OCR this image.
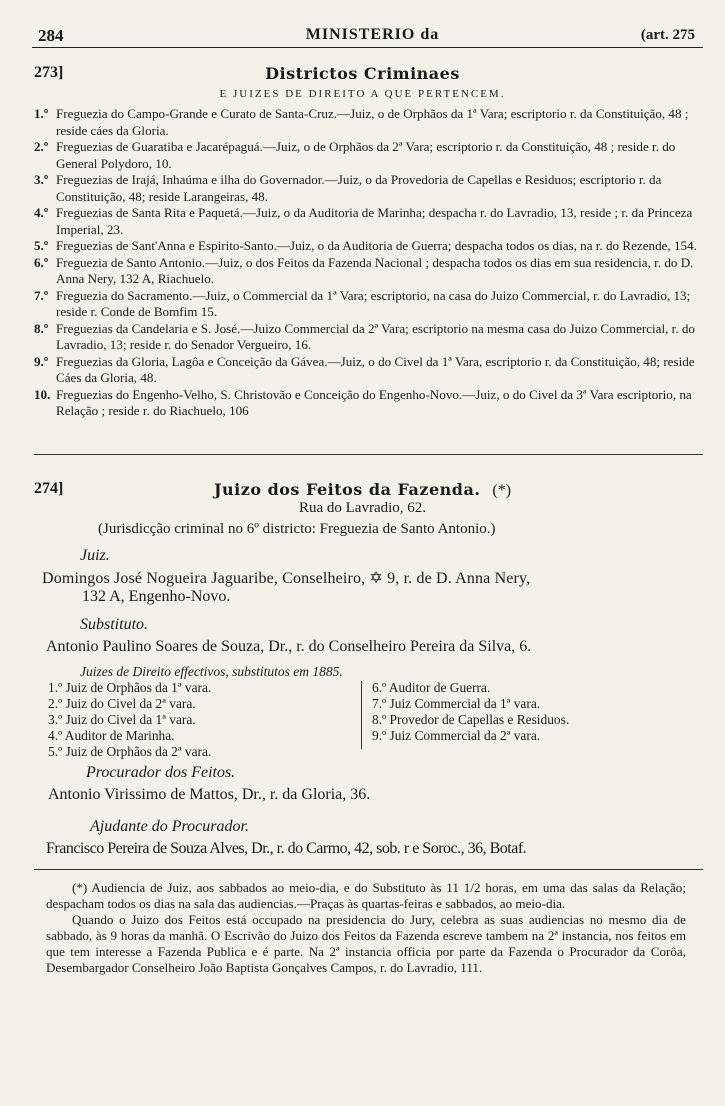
284	MINISTERIO da	(art. 275
273]	Districtos Criminaes
E JUIZES DE DIREITO A QUE PERTENCEM.
1.º Freguezia do Campo-Grande e Curato de Santa-Cruz.—Juiz, o de Orphãos da 1ª Vara; escriptorio r. da Constituição, 48 ; reside cáes da Gloria.
2.º Freguezias de Guaratiba e Jacarépaguá.—Juiz, o de Orphãos da 2ª Vara; escriptorio r. da Constituição, 48 ; reside r. do General Polydoro, 10.
3.º Freguezias de Irajá, Inhaúma e ilha do Governador.—Juiz, o da Provedoria de Capellas e Residuos; escriptorio r. da Constituição, 48; reside Larangeiras, 48.
4.º Freguezias de Santa Rita e Paquetá.—Juiz, o da Auditoria de Marinha; despacha r. do Lavradio, 13, reside ; r. da Princeza Imperial, 23.
5.º Freguezias de Sant'Anna e Espirito-Santo.—Juiz, o da Auditoria de Guerra; despacha todos os dias, na r. do Rezende, 154.
6.º Freguezia de Santo Antonio.—Juiz, o dos Feitos da Fazenda Nacional ; despacha todos os dias em sua residencia, r. do D. Anna Nery, 132 A, Riachuelo.
7.º Freguezia do Sacramento.—Juiz, o Commercial da 1ª Vara; escriptorio, na casa do Juizo Commercial, r. do Lavradio, 13; reside r. Conde de Bomfim 15.
8.º Freguezias da Candelaria e S. José.—Juizo Commercial da 2ª Vara; escriptorio na mesma casa do Juizo Commercial, r. do Lavradio, 13; reside r. do Senador Vergueiro, 16.
9.º Freguezias da Gloria, Lagôa e Conceição da Gávea.—Juiz, o do Civel da 1ª Vara, escriptorio r. da Constituição, 48; reside Cáes da Gloria, 48.
10. Freguezias do Engenho-Velho, S. Christovão e Conceição do Engenho-Novo.—Juiz, o do Civel da 3ª Vara escriptorio, na Relação ; reside r. do Riachuelo, 106
274]	Juizo dos Feitos da Fazenda. (*)
Rua do Lavradio, 62.
(Jurisdicção criminal no 6º districto: Freguezia de Santo Antonio.)
Juiz.
Domingos José Nogueira Jaguaribe, Conselheiro, ✡ 9, r. de D. Anna Nery,
132 A, Engenho-Novo.
Substituto.
Antonio Paulino Soares de Souza, Dr., r. do Conselheiro Pereira da Silva, 6.
Juizes de Direito effectivos, substitutos em 1885.
1.º Juiz de Orphãos da 1ª vara.
2.º Juiz do Civel da 2ª vara.
3.º Juiz do Civel da 1ª vara.
4.º Auditor de Marinha.
5.º Juiz de Orphãos da 2ª vara.
6.º Auditor de Guerra.
7.º Juiz Commercial da 1ª vara.
8.º Provedor de Capellas e Residuos.
9.º Juiz Commercial da 2ª vara.
Procurador dos Feitos.
Antonio Virissimo de Mattos, Dr., r. da Gloria, 36.
Ajudante do Procurador.
Francisco Pereira de Souza Alves, Dr., r. do Carmo, 42, sob. r e Soroc., 36, Botaf.

(*) Audiencia de Juiz, aos sabbados ao meio-dia, e do Substituto às 11 1/2 horas, em uma das salas da Relação; despacham todos os dias na sala das audiencias.—Praças às quartas-feiras e sabbados, ao meio-dia.

Quando o Juizo dos Feitos está occupado na presidencia do Jury, celebra as suas audiencias no mesmo dia de sabbado, às 9 horas da manhã. O Escrivão do Juizo dos Feitos da Fazenda escreve tambem na 2ª instancia, nos feitos em que tem interesse a Fazenda Publica e é parte. Na 2ª instancia officia por parte da Fazenda o Procurador da Corôa, Desembargador Conselheiro João Baptista Gonçalves Campos, r. do Lavradio, 111.
